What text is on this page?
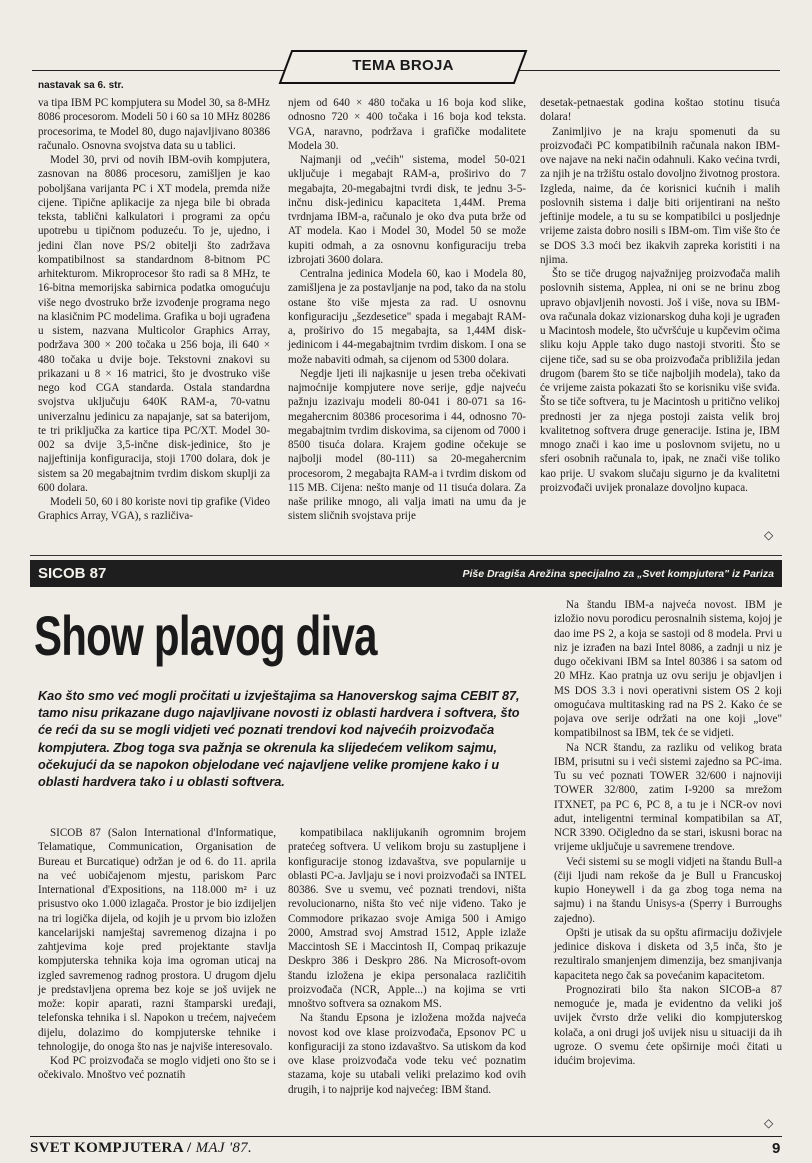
TEMA BROJA
nastavak sa 6. str.

va tipa IBM PC kompjutera su Model 30, sa 8-MHz 8086 procesorom. Modeli 50 i 60 sa 10 MHz 80286 procesorima, te Model 80, dugo najavljivano 80386 računalo. Osnovna svojstva data su u tablici.

Model 30, prvi od novih IBM-ovih kompjutera, zasnovan na 8086 procesoru, zamišljen je kao poboljšana varijanta PC i XT modela, premda niže cijene. Tipične aplikacije za njega bile bi obrada teksta, tablični kalkulatori i programi za opću upotrebu u tipičnom poduzeću. To je, ujedno, i jedini član nove PS/2 obitelji što zadržava kompatibilnost sa standardnom 8-bitnom PC arhitekturom. Mikroprocesor što radi sa 8 MHz, te 16-bitna memorijska sabirnica podatka omogućuju više nego dvostruko brže izvođenje programa nego na klasičnim PC modelima. Grafika u boji ugrađena u sistem, nazvana Multicolor Graphics Array, podržava 300 × 200 točaka u 256 boja, ili 640 × 480 točaka u dvije boje. Tekstovni znakovi su prikazani u 8 × 16 matrici, što je dvostruko više nego kod CGA standarda. Ostala standardna svojstva uključuju 640K RAM-a, 70-vatnu univerzalnu jedinicu za napajanje, sat sa baterijom, te tri priključka za kartice tipa PC/XT. Model 30-002 sa dvije 3,5-inčne disk-jedinice, što je najjeftinija konfiguracija, stoji 1700 dolara, dok je sistem sa 20 megabajtnim tvrdim diskom skuplji za 600 dolara.

Modeli 50, 60 i 80 koriste novi tip grafike (Video Graphics Array, VGA), s različiva-

njem od 640 × 480 točaka u 16 boja kod slike, odnosno 720 × 400 točaka i 16 boja kod teksta. VGA, naravno, podržava i grafičke modalitete Modela 30.

Najmanji od „većih" sistema, model 50-021 uključuje i megabajt RAM-a, proširivo do 7 megabajta, 20-megabajtni tvrdi disk, te jednu 3-5-inčnu disk-jedinicu kapaciteta 1,44M. Prema tvrdnjama IBM-a, računalo je oko dva puta brže od AT modela. Kao i Model 30, Model 50 se može kupiti odmah, a za osnovnu konfiguraciju treba izbrojati 3600 dolara.

Centralna jedinica Modela 60, kao i Modela 80, zamišljena je za postavljanje na pod, tako da na stolu ostane što više mjesta za rad. U osnovnu konfiguraciju „šezdesetice" spada i megabajt RAM-a, proširivo do 15 megabajta, sa 1,44M disk-jedinicom i 44-megabajtnim tvrdim diskom. I ona se može nabaviti odmah, sa cijenom od 5300 dolara.

Negdje ljeti ili najkasnije u jesen treba očekivati najmoćnije kompjutere nove serije, gdje najveću pažnju izazivaju modeli 80-041 i 80-071 sa 16-megahercnim 80386 procesorima i 44, odnosno 70-megabajtnim tvrdim diskovima, sa cijenom od 7000 i 8500 tisuća dolara. Krajem godine očekuje se najbolji model (80-111) sa 20-megahercnim procesorom, 2 megabajta RAM-a i tvrdim diskom od 115 MB. Cijena: nešto manje od 11 tisuća dolara. Za naše prilike mnogo, ali valja imati na umu da je sistem sličnih svojstava prije

desetak-petnaestak godina koštao stotinu tisuća dolara!

Zanimljivo je na kraju spomenuti da su proizvođači PC kompatibilnih računala nakon IBM-ove najave na neki način odahnuli. Kako većina tvrdi, za njih je na tržištu ostalo dovoljno životnog prostora. Izgleda, naime, da će korisnici kućnih i malih poslovnih sistema i dalje biti orijentirani na nešto jeftinije modele, a tu su se kompatibilci u posljednje vrijeme zaista dobro nosili s IBM-om. Tim više što će se DOS 3.3 moći bez ikakvih zapreka koristiti i na njima.

Što se tiče drugog najvažnijeg proizvođača malih poslovnih sistema, Applea, ni oni se ne brinu zbog upravo objavljenih novosti. Još i više, nova su IBM-ova računala dokaz vizionarskog duha koji je ugrađen u Macintosh modele, što učvršćuje u kupčevim očima sliku koju Apple tako dugo nastoji stvoriti. Što se cijene tiče, sad su se oba proizvođača približila jedan drugom (barem što se tiče najboljih modela), tako da će vrijeme zaista pokazati što se korisniku više sviđa. Što se tiče softvera, tu je Macintosh u pritično velikoj prednosti jer za njega postoji zaista velik broj kvalitetnog softvera druge generacije. Istina je, IBM mnogo znači i kao ime u poslovnom svijetu, no u sferi osobnih računala to, ipak, ne znači više toliko kao prije. U svakom slučaju sigurno je da kvalitetni proizvođači uvijek pronalaze dovoljno kupaca.

◇
SICOB 87	Piše Dragiša Arežina specijalno za „Svet kompjutera" iz Pariza
Show plavog diva
Kao što smo već mogli pročitati u izvještajima sa Hanoverskog sajma CEBIT 87, tamo nisu prikazane dugo najavljivane novosti iz oblasti hardvera i softvera, što će reći da su se mogli vidjeti već poznati trendovi kod najvećih proizvođača kompjutera. Zbog toga sva pažnja se okrenula ka slijedećem velikom sajmu, očekujući da se napokon objelodane već najavljene velike promjene kako i u oblasti hardvera tako i u oblasti softvera.

SICOB 87 (Salon International d'Informatique, Telamatique, Communication, Organisation de Bureau et Burcatique) održan je od 6. do 11. aprila na već uobičajenom mjestu, pariskom Parc International d'Expositions, na 118.000 m² i uz prisustvo oko 1.000 izlagača. Prostor je bio izdijeljen na tri logička dijela, od kojih je u prvom bio izložen kancelarijski namještaj savremenog dizajna i po zahtjevima koje pred projektante stavlja kompjuterska tehnika koja ima ogroman uticaj na izgled savremenog radnog prostora. U drugom djelu je predstavljena oprema bez koje se još uvijek ne može: kopir aparati, razni štamparski uređaji, telefonska tehnika i sl. Napokon u trećem, najvećem dijelu, dolazimo do kompjuterske tehnike i tehnologije, do onoga što nas je najviše interesovalo.

Kod PC proizvođača se moglo vidjeti ono što se i očekivalo. Mnoštvo već poznatih

kompatibilaca naklijukanih ogromnim brojem pratećeg softvera. U velikom broju su zastupljene i konfiguracije stonog izdavaštva, sve popularnije u oblasti PC-a. Javljaju se i novi proizvođači sa INTEL 80386. Sve u svemu, već poznati trendovi, ništa revolucionarno, ništa što već nije viđeno. Tako je Commodore prikazao svoje Amiga 500 i Amigo 2000, Amstrad svoj Amstrad 1512, Apple izlaže Maccintosh SE i Maccintosh II, Compaq prikazuje Deskpro 386 i Deskpro 286. Na Microsoft-ovom štandu izložena je ekipa personalaca različitih proizvođača (NCR, Apple...) na kojima se vrti mnoštvo softvera sa oznakom MS.

Na štandu Epsona je izložena možda najveća novost kod ove klase proizvođača, Epsonov PC u konfiguraciji za stono izdavaštvo. Sa utiskom da kod ove klase proizvođača vode teku već poznatim stazama, koje su utabali veliki prelazimo kod ovih drugih, i to najprije kod najvećeg: IBM štand.

Na štandu IBM-a najveća novost. IBM je izložio novu porodicu perosnalnih sistema, kojoj je dao ime PS 2, a koja se sastoji od 8 modela. Prvi u niz je izrađen na bazi Intel 8086, a zadnji u niz je dugo očekivani IBM sa Intel 80386 i sa satom od 20 MHz. Kao pratnja uz ovu seriju je objavljen i MS DOS 3.3 i novi operativni sistem OS 2 koji omogućava multitasking rad na PS 2. Kako će se pojava ove serije održati na one koji „love" kompatibilnost sa IBM, tek će se vidjeti.

Na NCR štandu, za razliku od velikog brata IBM, prisutni su i veći sistemi zajedno sa PC-ima. Tu su već poznati TOWER 32/600 i najnoviji TOWER 32/800, zatim I-9200 sa mrežom ITXNET, pa PC 6, PC 8, a tu je i NCR-ov novi adut, inteligentni terminal kompatibilan sa AT, NCR 3390. Očigledno da se stari, iskusni borac na vrijeme uključuje u savremene trendove.

Veći sistemi su se mogli vidjeti na štandu Bull-a (čiji ljudi nam rekoše da je Bull u Francuskoj kupio Honeywell i da ga zbog toga nema na sajmu) i na štandu Unisys-a (Sperry i Burroughs zajedno).

Opšti je utisak da su opštu afirmaciju doživjele jedinice diskova i disketa od 3,5 inča, što je rezultiralo smanjenjem dimenzija, bez smanjivanja kapaciteta nego čak sa povećanim kapacitetom.

Prognozirati bilo šta nakon SICOB-a 87 nemoguće je, mada je evidentno da veliki još uvijek čvrsto drže veliki dio kompjuterskog kolača, a oni drugi još uvijek nisu u situaciji da ih ugroze. O svemu ćete opširnije moći čitati u idućim brojevima.

◇
SVET KOMPJUTERA / MAJ '87.	9
